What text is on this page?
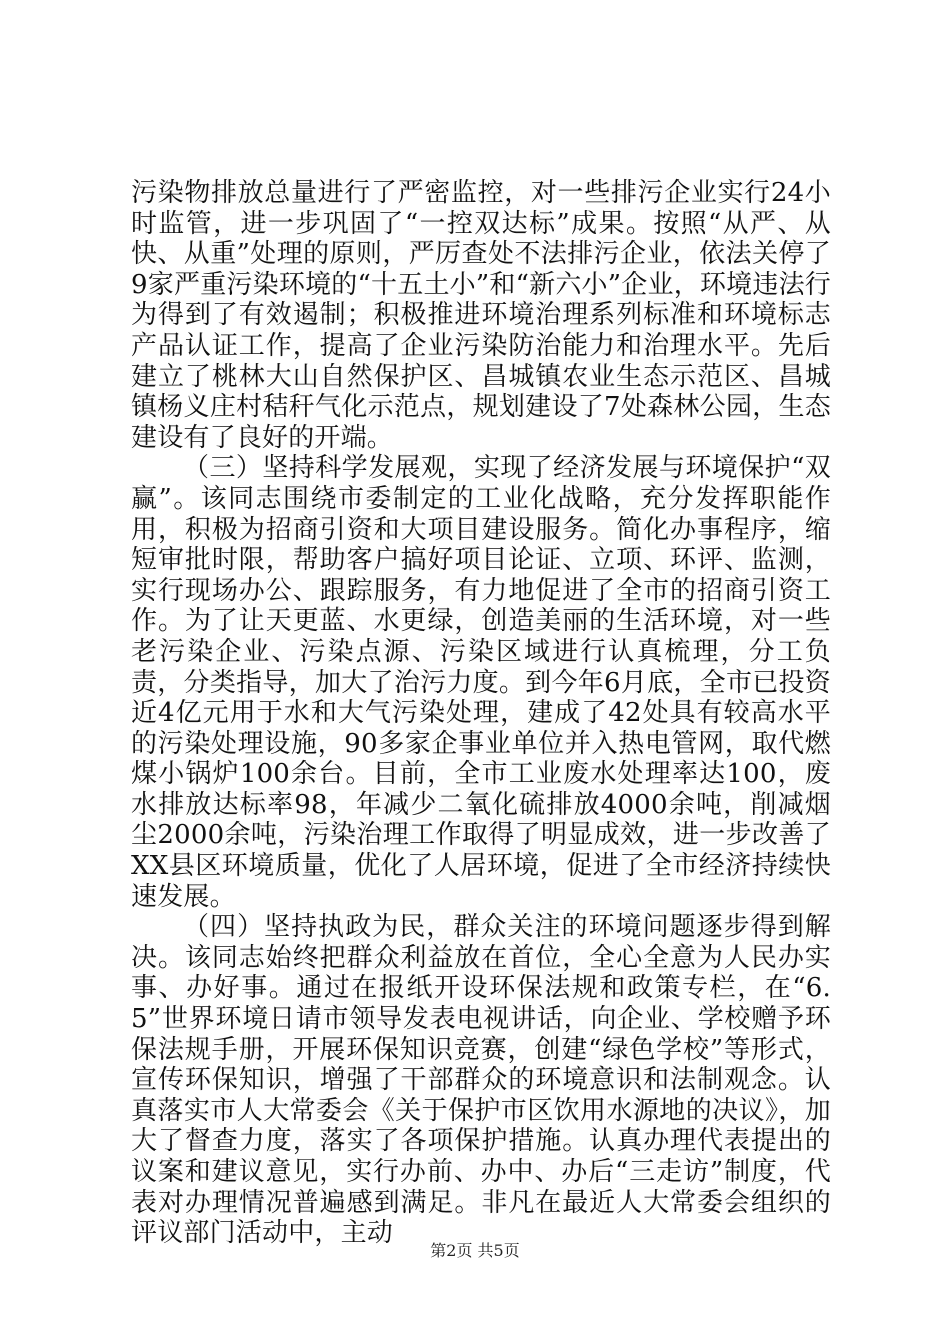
污染物排放总量进行了严密监控，对一些排污企业实行24小时监管，进一步巩固了“一控双达标”成果。按照“从严、从快、从重”处理的原则，严厉查处不法排污企业，依法关停了9家严重污染环境的“十五土小”和“新六小”企业，环境违法行为得到了有效遏制；积极推进环境治理系列标准和环境标志产品认证工作，提高了企业污染防治能力和治理水平。先后建立了桃林大山自然保护区、昌城镇农业生态示范区、昌城镇杨义庄村秸秆气化示范点，规划建设了7处森林公园，生态建设有了良好的开端。

（三）坚持科学发展观，实现了经济发展与环境保护“双赢”。该同志围绕市委制定的工业化战略，充分发挥职能作用，积极为招商引资和大项目建设服务。简化办事程序，缩短审批时限，帮助客户搞好项目论证、立项、环评、监测，实行现场办公、跟踪服务，有力地促进了全市的招商引资工作。为了让天更蓝、水更绿，创造美丽的生活环境，对一些老污染企业、污染点源、污染区域进行认真梳理，分工负责，分类指导，加大了治污力度。到今年6月底，全市已投资近4亿元用于水和大气污染处理，建成了42处具有较高水平的污染处理设施，90多家企事业单位并入热电管网，取代燃煤小锅炉100余台。目前，全市工业废水处理率达100，废水排放达标率98，年减少二氧化硫排放4000余吨，削减烟尘2000余吨，污染治理工作取得了明显成效，进一步改善了XX县区环境质量，优化了人居环境，促进了全市经济持续快速发展。

（四）坚持执政为民，群众关注的环境问题逐步得到解决。该同志始终把群众利益放在首位，全心全意为人民办实事、办好事。通过在报纸开设环保法规和政策专栏，在“6.5”世界环境日请市领导发表电视讲话，向企业、学校赠予环保法规手册，开展环保知识竞赛，创建“绿色学校”等形式，宣传环保知识，增强了干部群众的环境意识和法制观念。认真落实市人大常委会《关于保护市区饮用水源地的决议》，加大了督查力度，落实了各项保护措施。认真办理代表提出的议案和建议意见，实行办前、办中、办后“三走访”制度，代表对办理情况普遍感到满足。非凡在最近人大常委会组织的评议部门活动中，主动

第2页 共5页
